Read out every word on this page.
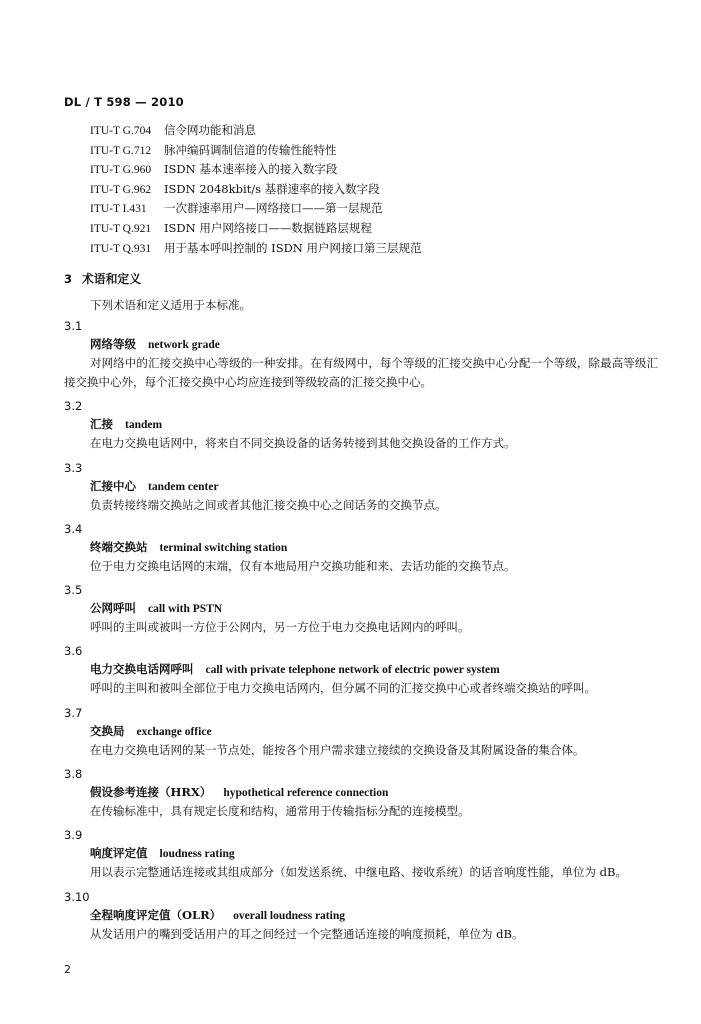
DL / T 598 — 2010
ITU-T G.704 信令网功能和消息
ITU-T G.712 脉冲编码调制信道的传输性能特性
ITU-T G.960 ISDN 基本速率接入的接入数字段
ITU-T G.962 ISDN 2048kbit/s 基群速率的接入数字段
ITU-T I.431 一次群速率用户—网络接口——第一层规范
ITU-T Q.921 ISDN 用户网络接口——数据链路层规程
ITU-T Q.931 用于基本呼叫控制的 ISDN 用户网接口第三层规范
3 术语和定义
下列术语和定义适用于本标准。
3.1
网络等级 network grade
对网络中的汇接交换中心等级的一种安排。在有级网中，每个等级的汇接交换中心分配一个等级，除最高等级汇接交换中心外，每个汇接交换中心均应连接到等级较高的汇接交换中心。
3.2
汇接 tandem
在电力交换电话网中，将来自不同交换设备的话务转接到其他交换设备的工作方式。
3.3
汇接中心 tandem center
负责转接终端交换站之间或者其他汇接交换中心之间话务的交换节点。
3.4
终端交换站 terminal switching station
位于电力交换电话网的末端，仅有本地局用户交换功能和来、去话功能的交换节点。
3.5
公网呼叫 call with PSTN
呼叫的主叫或被叫一方位于公网内，另一方位于电力交换电话网内的呼叫。
3.6
电力交换电话网呼叫 call with private telephone network of electric power system
呼叫的主叫和被叫全部位于电力交换电话网内，但分属不同的汇接交换中心或者终端交换站的呼叫。
3.7
交换局 exchange office
在电力交换电话网的某一节点处，能按各个用户需求建立接续的交换设备及其附属设备的集合体。
3.8
假设参考连接（HRX） hypothetical reference connection
在传输标准中，具有规定长度和结构，通常用于传输指标分配的连接模型。
3.9
响度评定值 loudness rating
用以表示完整通话连接或其组成部分（如发送系统、中继电路、接收系统）的话音响度性能，单位为 dB。
3.10
全程响度评定值（OLR） overall loudness rating
从发话用户的嘴到受话用户的耳之间经过一个完整通话连接的响度损耗，单位为 dB。
2
